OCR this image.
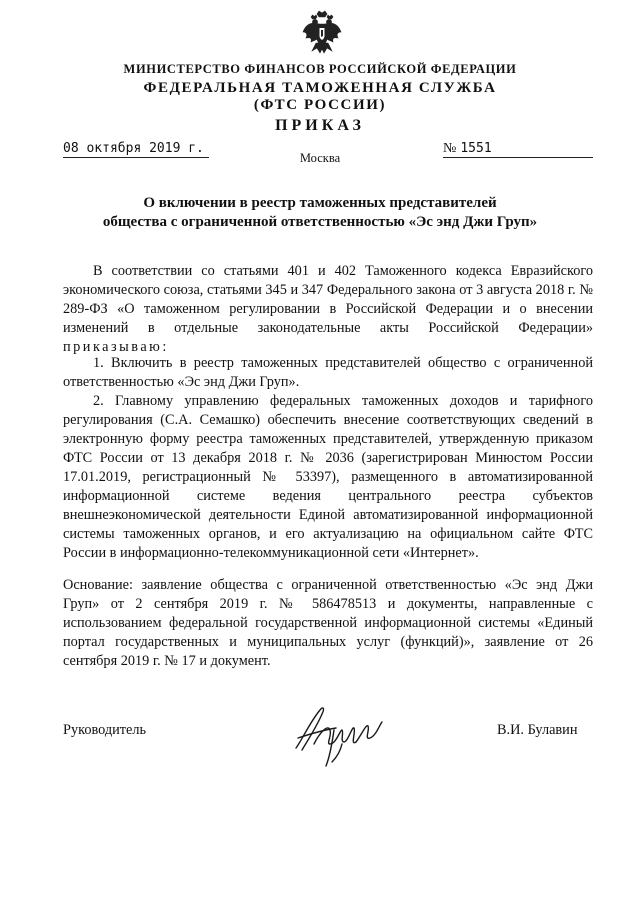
МИНИСТЕРСТВО ФИНАНСОВ РОССИЙСКОЙ ФЕДЕРАЦИИ
ФЕДЕРАЛЬНАЯ ТАМОЖЕННАЯ СЛУЖБА
(ФТС РОССИИ)
ПРИКАЗ
08 октября 2019 г.	№ 1551
Москва
О включении в реестр таможенных представителей
общества с ограниченной ответственностью «Эс энд Джи Груп»

В соответствии со статьями 401 и 402 Таможенного кодекса Евразийского экономического союза, статьями 345 и 347 Федерального закона от 3 августа 2018 г. № 289-ФЗ «О таможенном регулировании в Российской Федерации и о внесении изменений в отдельные законодательные акты Российской Федерации» приказываю:

1. Включить в реестр таможенных представителей общество с ограниченной ответственностью «Эс энд Джи Груп».

2. Главному управлению федеральных таможенных доходов и тарифного регулирования (С.А. Семашко) обеспечить внесение соответствующих сведений в электронную форму реестра таможенных представителей, утвержденную приказом ФТС России от 13 декабря 2018 г. № 2036 (зарегистрирован Минюстом России 17.01.2019, регистрационный № 53397), размещенного в автоматизированной информационной системе ведения центрального реестра субъектов внешнеэкономической деятельности Единой автоматизированной информационной системы таможенных органов, и его актуализацию на официальном сайте ФТС России в информационно-телекоммуникационной сети «Интернет».

Основание: заявление общества с ограниченной ответственностью «Эс энд Джи Груп» от 2 сентября 2019 г. № 586478513 и документы, направленные с использованием федеральной государственной информационной системы «Единый портал государственных и муниципальных услуг (функций)», заявление от 26 сентября 2019 г. № 17 и документ.

Руководитель	В.И. Булавин
